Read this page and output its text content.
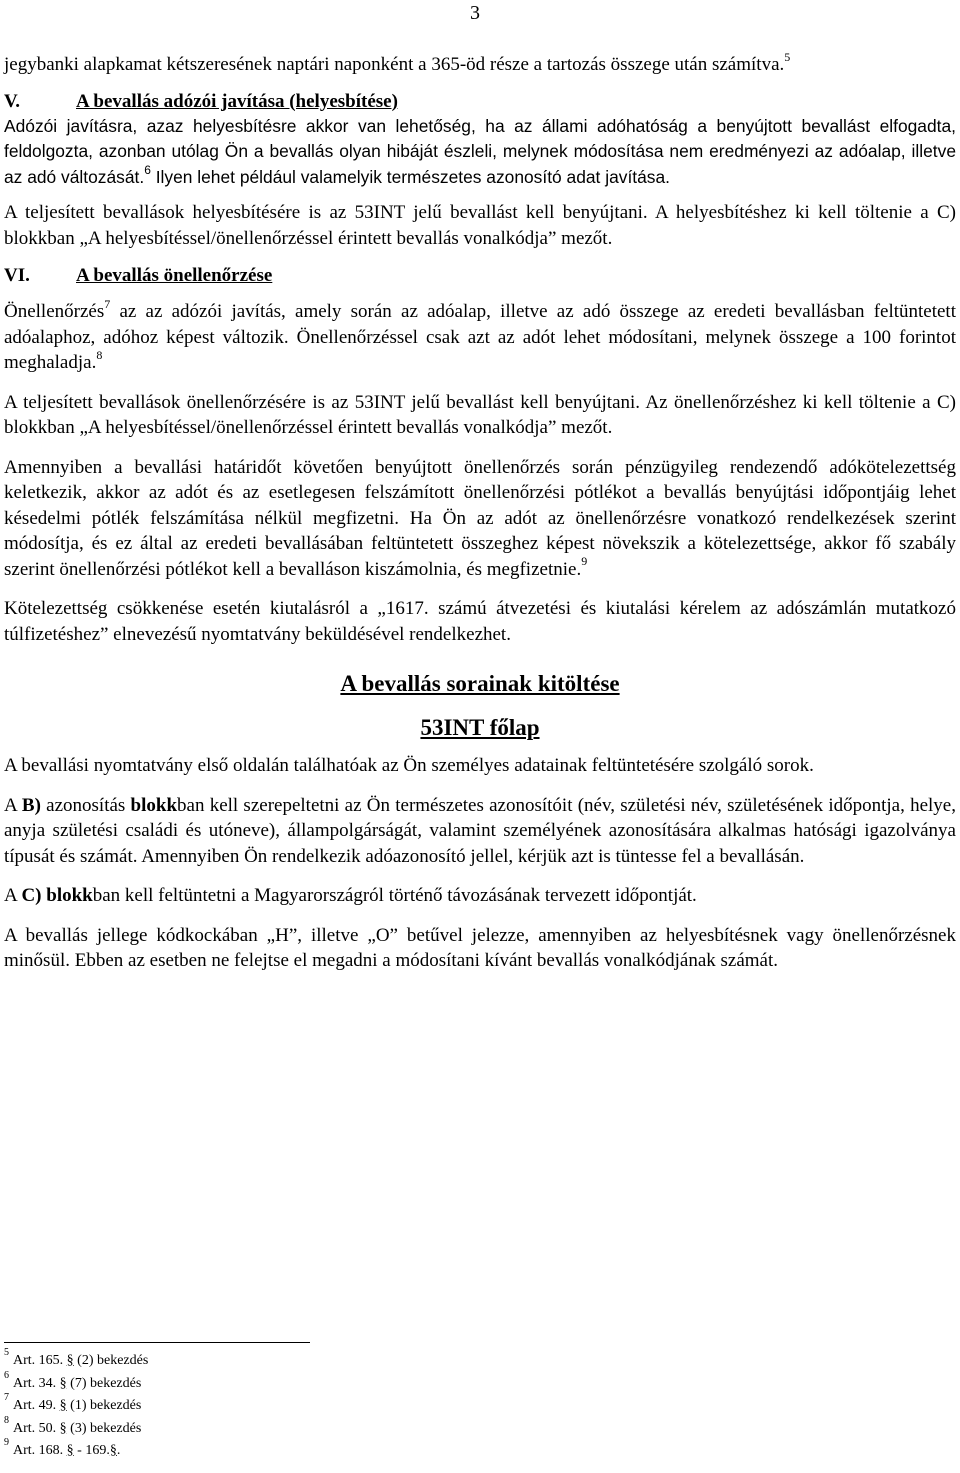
3

jegybanki alapkamat kétszeresének naptári naponként a 365-öd része a tartozás összege után számítva.$^5$

V.	A bevallás adózói javítása (helyesbítése)

Adózói javításra, azaz helyesbítésre akkor van lehetőség, ha az állami adóhatóság a benyújtott bevallást elfogadta, feldolgozta, azonban utólag Ön a bevallás olyan hibáját észleli, melynek módosítása nem eredményezi az adóalap, illetve az adó változását.$^6$ Ilyen lehet például valamelyik természetes azonosító adat javítása.

A teljesített bevallások helyesbítésére is az 53INT jelű bevallást kell benyújtani. A helyesbítéshez ki kell töltenie a C) blokkban „A helyesbítéssel/önellenőrzéssel érintett bevallás vonalkódja” mezőt.

VI. A bevallás önellenőrzése

Önellenőrzés$^7$ az az adózói javítás, amely során az adóalap, illetve az adó összege az eredeti bevallásban feltüntetett adóalaphoz, adóhoz képest változik. Önellenőrzéssel csak azt az adót lehet módosítani, melynek összege a 100 forintot meghaladja.$^8$

A teljesített bevallások önellenőrzésére is az 53INT jelű bevallást kell benyújtani. Az önellenőrzéshez ki kell töltenie a C) blokkban „A helyesbítéssel/önellenőrzéssel érintett bevallás vonalkódja” mezőt.

Amennyiben a bevallási határidőt követően benyújtott önellenőrzés során pénzügyileg rendezendő adókötelezettség keletkezik, akkor az adót és az esetlegesen felszámított önellenőrzési pótlékot a bevallás benyújtási időpontjáig lehet késedelmi pótlék felszámítása nélkül megfizetni. Ha Ön az adót az önellenőrzésre vonatkozó rendelkezések szerint módosítja, és ez által az eredeti bevallásában feltüntetett összeghez képest növekszik a kötelezettsége, akkor fő szabály szerint önellenőrzési pótlékot kell a bevalláson kiszámolnia, és megfizetnie.$^9$

Kötelezettség csökkenése esetén kiutalásról a „1617. számú átvezetési és kiutalási kérelem az adószámlán mutatkozó túlfizetéshez” elnevezésű nyomtatvány beküldésével rendelkezhet.

A bevallás sorainak kitöltése
53INT főlap

A bevallási nyomtatvány első oldalán találhatóak az Ön személyes adatainak feltüntetésére szolgáló sorok.

A B) azonosítás blokkban kell szerepeltetni az Ön természetes azonosítóit (név, születési név, születésének időpontja, helye, anyja születési családi és utóneve), állampolgárságát, valamint személyének azonosítására alkalmas hatósági igazolványa típusát és számát. Amennyiben Ön rendelkezik adóazonosító jellel, kérjük azt is tüntesse fel a bevallásán.

A C) blokkban kell feltüntetni a Magyarországról történő távozásának tervezett időpontját.

A bevallás jellege kódkockában „H”, illetve „O” betűvel jelezze, amennyiben az helyesbítésnek vagy önellenőrzésnek minősül. Ebben az esetben ne felejtse el megadni a módosítani kívánt bevallás vonalkódjának számát.

$^5$Art. 165. § (2) bekezdés
$^6$Art. 34. § (7) bekezdés
$^7$Art. 49. § (1) bekezdés
$^8$Art. 50. § (3) bekezdés
$^9$Art. 168. § - 169.§.
